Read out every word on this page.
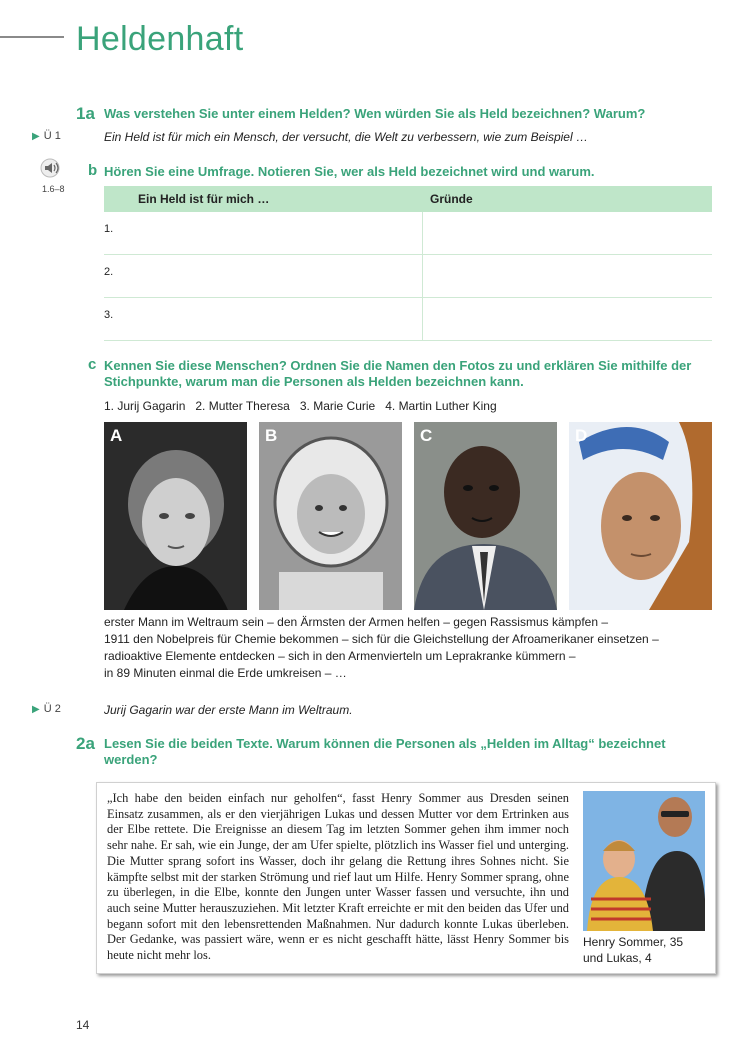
Heldenhaft
1a Was verstehen Sie unter einem Helden? Wen würden Sie als Held bezeichnen? Warum?
▶ Ü 1	Ein Held ist für mich ein Mensch, der versucht, die Welt zu verbessern, wie zum Beispiel …
1.6–8
b Hören Sie eine Umfrage. Notieren Sie, wer als Held bezeichnet wird und warum.
Ein Held ist für mich …	Gründe
1.
2.
3.
c Kennen Sie diese Menschen? Ordnen Sie die Namen den Fotos zu und erklären Sie mithilfe der Stichpunkte, warum man die Personen als Helden bezeichnen kann.
1. Jurij Gagarin   2. Mutter Theresa   3. Marie Curie   4. Martin Luther King
A	B	C	D
erster Mann im Weltraum sein – den Ärmsten der Armen helfen – gegen Rassismus kämpfen –
1911 den Nobelpreis für Chemie bekommen – sich für die Gleichstellung der Afroamerikaner einsetzen –
radioaktive Elemente entdecken – sich in den Armenvierteln um Leprakranke kümmern –
in 89 Minuten einmal die Erde umkreisen – …
▶ Ü 2	Jurij Gagarin war der erste Mann im Weltraum.
2a Lesen Sie die beiden Texte. Warum können die Personen als „Helden im Alltag“ bezeichnet werden?
„Ich habe den beiden einfach nur geholfen“, fasst Henry Sommer aus Dresden seinen Einsatz zusammen, als er den vierjährigen Lukas und dessen Mutter vor dem Ertrinken aus der Elbe rettete. Die Ereignisse an diesem Tag im letzten Sommer gehen ihm immer noch sehr nahe. Er sah, wie ein Junge, der am Ufer spielte, plötzlich ins Wasser fiel und unterging. Die Mutter sprang sofort ins Wasser, doch ihr gelang die Rettung ihres Sohnes nicht. Sie kämpfte selbst mit der starken Strömung und rief laut um Hilfe. Henry Sommer sprang, ohne zu überlegen, in die Elbe, konnte den Jungen unter Wasser fassen und versuchte, ihn und auch seine Mutter herauszuziehen. Mit letzter Kraft erreichte er mit den beiden das Ufer und begann sofort mit den lebensrettenden Maßnahmen. Nur dadurch konnte Lukas überleben. Der Gedanke, was passiert wäre, wenn er es nicht geschafft hätte, lässt Henry Sommer bis heute nicht mehr los.
Henry Sommer, 35
und Lukas, 4
14
